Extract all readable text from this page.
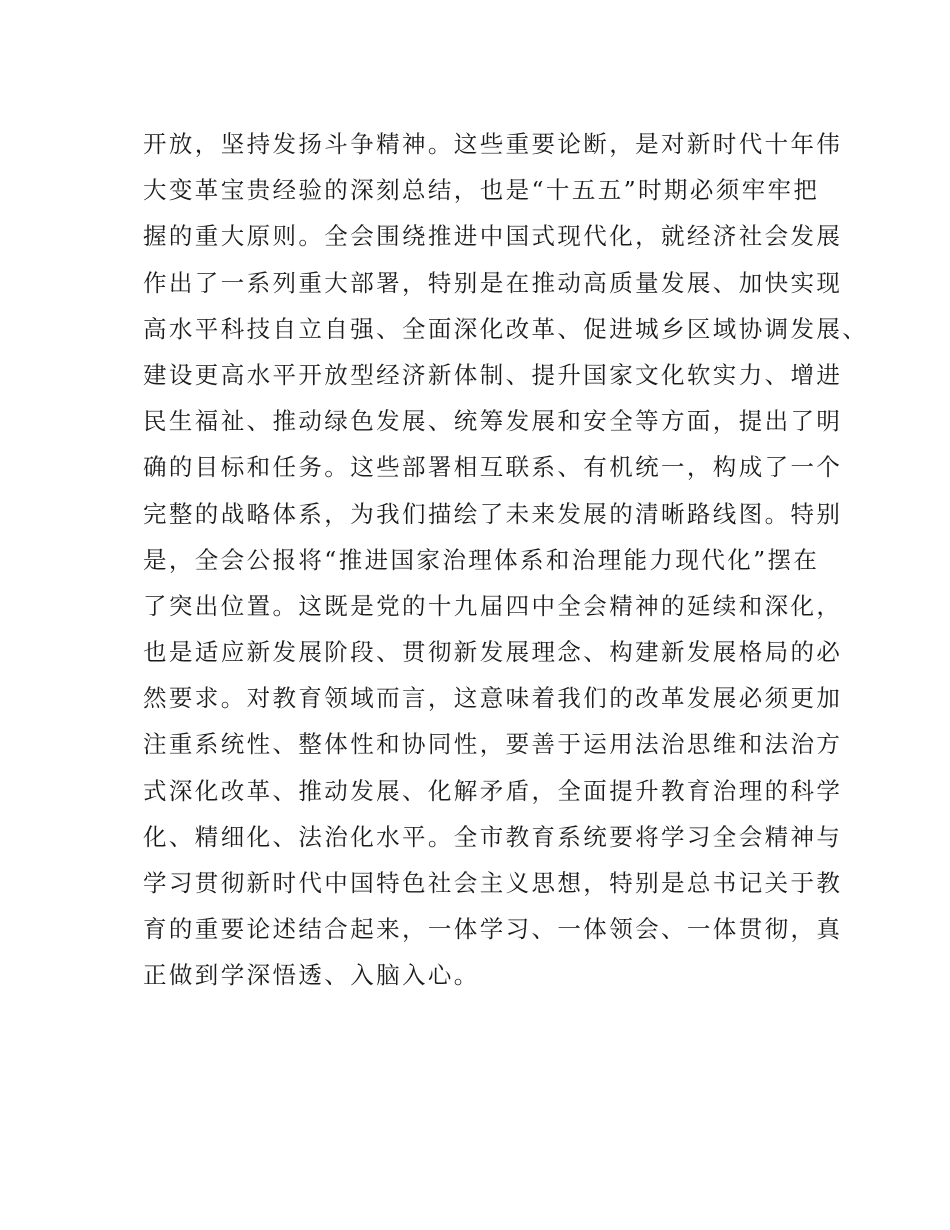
开放，坚持发扬斗争精神。这些重要论断，是对新时代十年伟
大变革宝贵经验的深刻总结，也是“十五五”时期必须牢牢把
握的重大原则。全会围绕推进中国式现代化，就经济社会发展
作出了一系列重大部署，特别是在推动高质量发展、加快实现
高水平科技自立自强、全面深化改革、促进城乡区域协调发展、
建设更高水平开放型经济新体制、提升国家文化软实力、增进
民生福祉、推动绿色发展、统筹发展和安全等方面，提出了明
确的目标和任务。这些部署相互联系、有机统一，构成了一个
完整的战略体系，为我们描绘了未来发展的清晰路线图。特别
是，全会公报将“推进国家治理体系和治理能力现代化”摆在
了突出位置。这既是党的十九届四中全会精神的延续和深化，
也是适应新发展阶段、贯彻新发展理念、构建新发展格局的必
然要求。对教育领域而言，这意味着我们的改革发展必须更加
注重系统性、整体性和协同性，要善于运用法治思维和法治方
式深化改革、推动发展、化解矛盾，全面提升教育治理的科学
化、精细化、法治化水平。全市教育系统要将学习全会精神与
学习贯彻新时代中国特色社会主义思想，特别是总书记关于教
育的重要论述结合起来，一体学习、一体领会、一体贯彻，真
正做到学深悟透、入脑入心。
